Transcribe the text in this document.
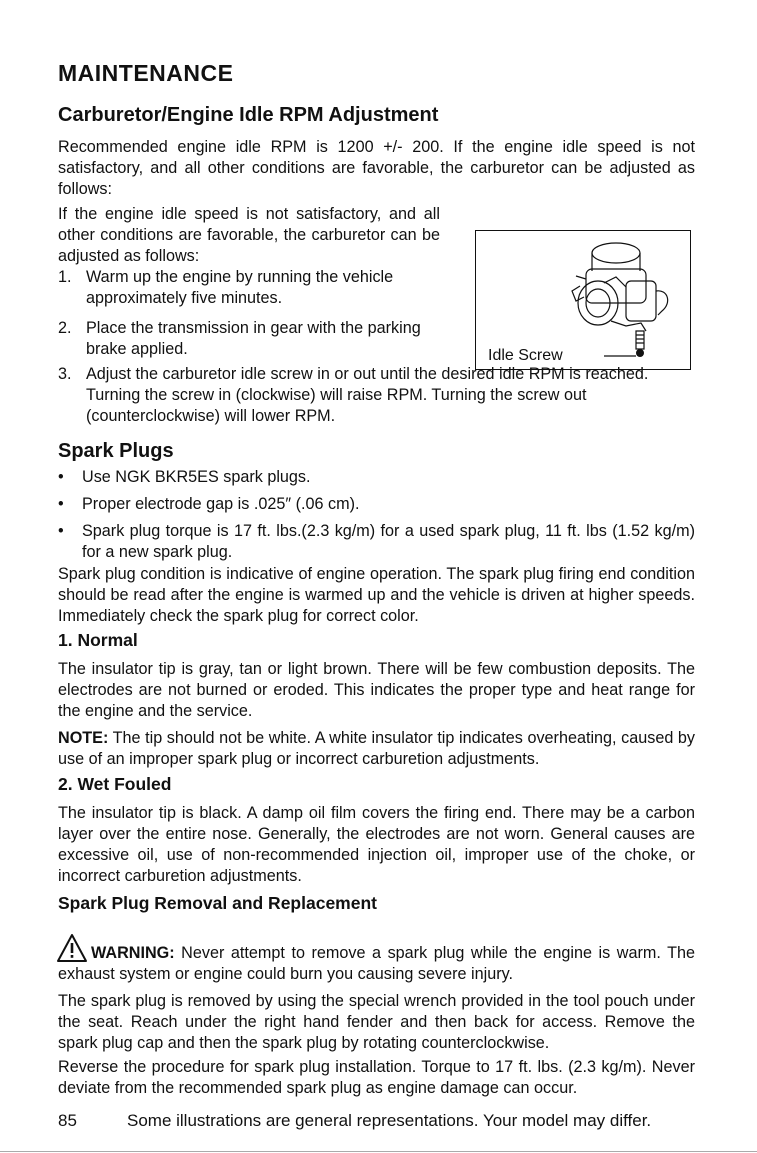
MAINTENANCE
Carburetor/Engine Idle RPM Adjustment

Recommended engine idle RPM is 1200 +/- 200. If the engine idle speed is not satisfactory, and all other conditions are favorable, the carburetor can be adjusted as follows:

If the engine idle speed is not satisfactory, and all other conditions are favorable, the carburetor can be adjusted as follows:

1. Warm up the engine by running the vehicle approximately five minutes.
2. Place the transmission in gear with the parking brake applied.
3. Adjust the carburetor idle screw in or out until the desired idle RPM is reached. Turning the screw in (clockwise) will raise RPM. Turning the screw out (counterclockwise) will lower RPM.
Idle Screw
Spark Plugs
• Use NGK BKR5ES spark plugs.
• Proper electrode gap is .025″ (.06 cm).
• Spark plug torque is 17 ft. lbs.(2.3 kg/m) for a used spark plug, 11 ft. lbs (1.52 kg/m) for a new spark plug.

Spark plug condition is indicative of engine operation. The spark plug firing end condition should be read after the engine is warmed up and the vehicle is driven at higher speeds. Immediately check the spark plug for correct color.

1. Normal

The insulator tip is gray, tan or light brown. There will be few combustion deposits. The electrodes are not burned or eroded. This indicates the proper type and heat range for the engine and the service.

NOTE: The tip should not be white. A white insulator tip indicates overheating, caused by use of an improper spark plug or incorrect carburetion adjustments.

2. Wet Fouled

The insulator tip is black. A damp oil film covers the firing end. There may be a carbon layer over the entire nose. Generally, the electrodes are not worn. General causes are excessive oil, use of non-recommended injection oil, improper use of the choke, or incorrect carburetion adjustments.

Spark Plug Removal and Replacement

WARNING: Never attempt to remove a spark plug while the engine is warm. The exhaust system or engine could burn you causing severe injury.

The spark plug is removed by using the special wrench provided in the tool pouch under the seat. Reach under the right hand fender and then back for access. Remove the spark plug cap and then the spark plug by rotating counterclockwise.

Reverse the procedure for spark plug installation. Torque to 17 ft. lbs. (2.3 kg/m). Never deviate from the recommended spark plug as engine damage can occur.

85	Some illustrations are general representations. Your model may differ.
